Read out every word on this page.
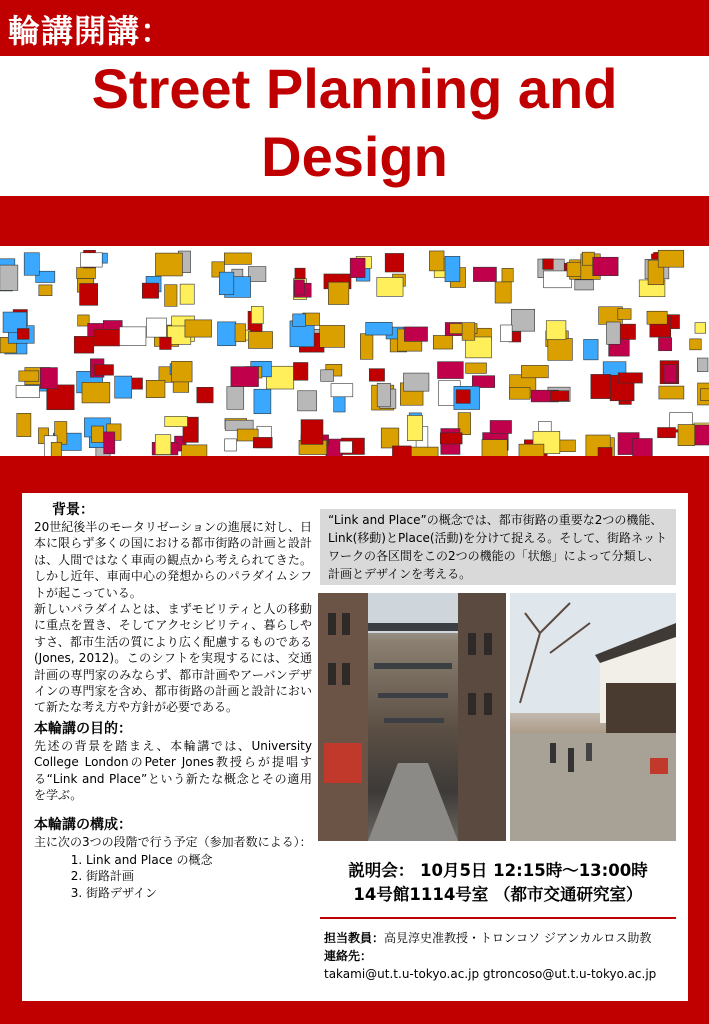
輪講開講：
Street Planning and
Design
背景：
20世紀後半のモータリゼーションの進展に対し、日本に限らず多くの国における都市街路の計画と設計は、人間ではなく車両の観点から考えられてきた。しかし近年、車両中心の発想からのパラダイムシフトが起こっている。
新しいパラダイムとは、まずモビリティと人の移動に重点を置き、そしてアクセシビリティ、暮らしやすさ、都市生活の質により広く配慮するものである(Jones, 2012)。このシフトを実現するには、交通計画の専門家のみならず、都市計画やアーバンデザインの専門家を含め、都市街路の計画と設計において新たな考え方や方針が必要である。
本輪講の目的：
先述の背景を踏まえ、本輪講では、University College LondonのPeter Jones教授らが提唱する“Link and Place”という新たな概念とその適用を学ぶ。
本輪講の構成：
主に次の3つの段階で行う予定（参加者数による）：
1. Link and Place の概念
2. 街路計画
3. 街路デザイン
“Link and Place”の概念では、都市街路の重要な2つの機能、Link(移動)とPlace(活動)を分けて捉える。そして、街路ネットワークの各区間をこの2つの機能の「状態」によって分類し、計画とデザインを考える。
説明会： 10月5日 12:15時～13:00時
14号館1114号室 （都市交通研究室）
担当教員：高見淳史准教授・トロンコソ ジアンカルロス助教
連絡先：
takami@ut.t.u-tokyo.ac.jp gtroncoso@ut.t.u-tokyo.ac.jp
